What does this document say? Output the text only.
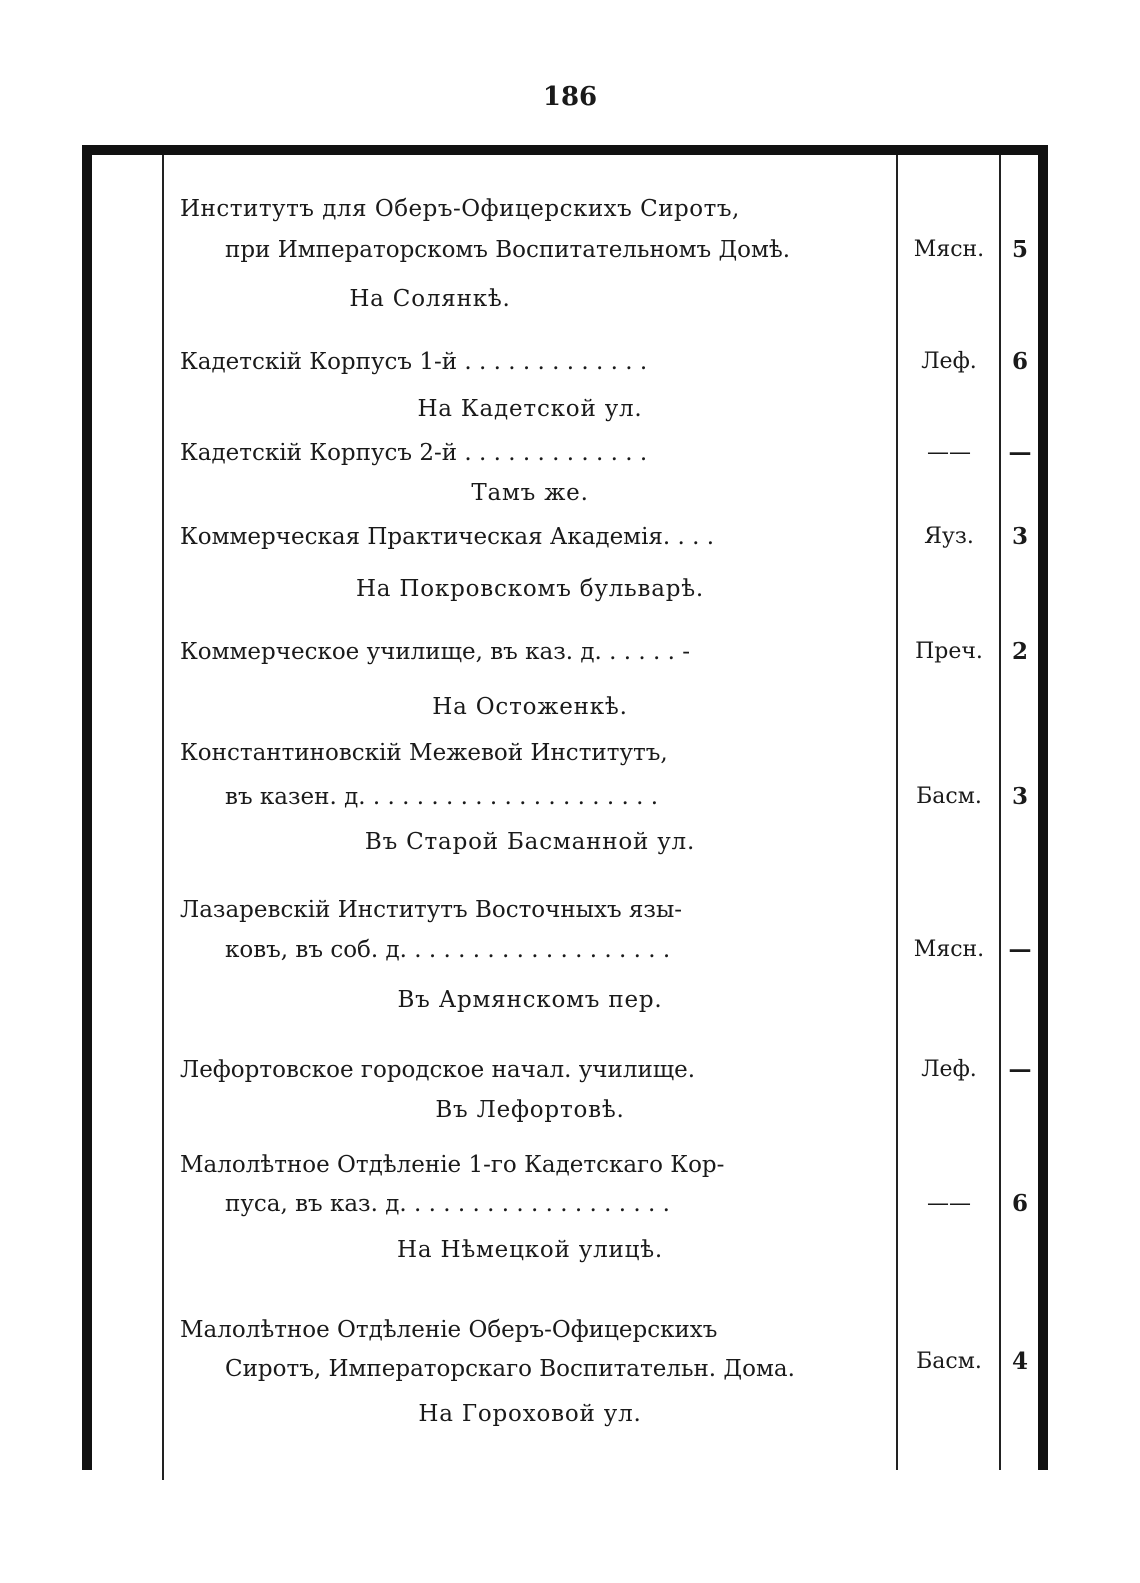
186
Институтъ для Оберъ-Офицерскихъ Сиротъ,
при Императорскомъ Воспитательномъ Домѣ.	Мясн.	5
На Солянкѣ.
Кадетскій Корпусъ 1-й . . . . . . . . . . . . .	Леф.	6
На Кадетской ул.
Кадетскій Корпусъ 2-й . . . . . . . . . . . . .	——	—
Тамъ же.
Коммерческая Практическая Академія. . . .	Яуз.	3
На Покровскомъ бульварѣ.
Коммерческое училище, въ каз. д. . . . . . -	Преч.	2
На Остоженкѣ.
Константиновскій Межевой Институтъ,
въ казен. д. . . . . . . . . . . . . . . . . . . . .	Басм.	3
Въ Старой Басманной ул.
Лазаревскій Институтъ Восточныхъ язы-
ковъ, въ соб. д. . . . . . . . . . . . . . . . . . .	Мясн.	—
Въ Армянскомъ пер.
Лефортовское городское начал. училище.	Леф.	—
Въ Лефортовѣ.
Малолѣтное Отдѣленіе 1-го Кадетскаго Кор-
пуса, въ каз. д. . . . . . . . . . . . . . . . . . .	——	6
На Нѣмецкой улицѣ.
Малолѣтное Отдѣленіе Оберъ-Офицерскихъ
Сиротъ, Императорскаго Воспитательн. Дома.	Басм.	4
На Гороховой ул.
